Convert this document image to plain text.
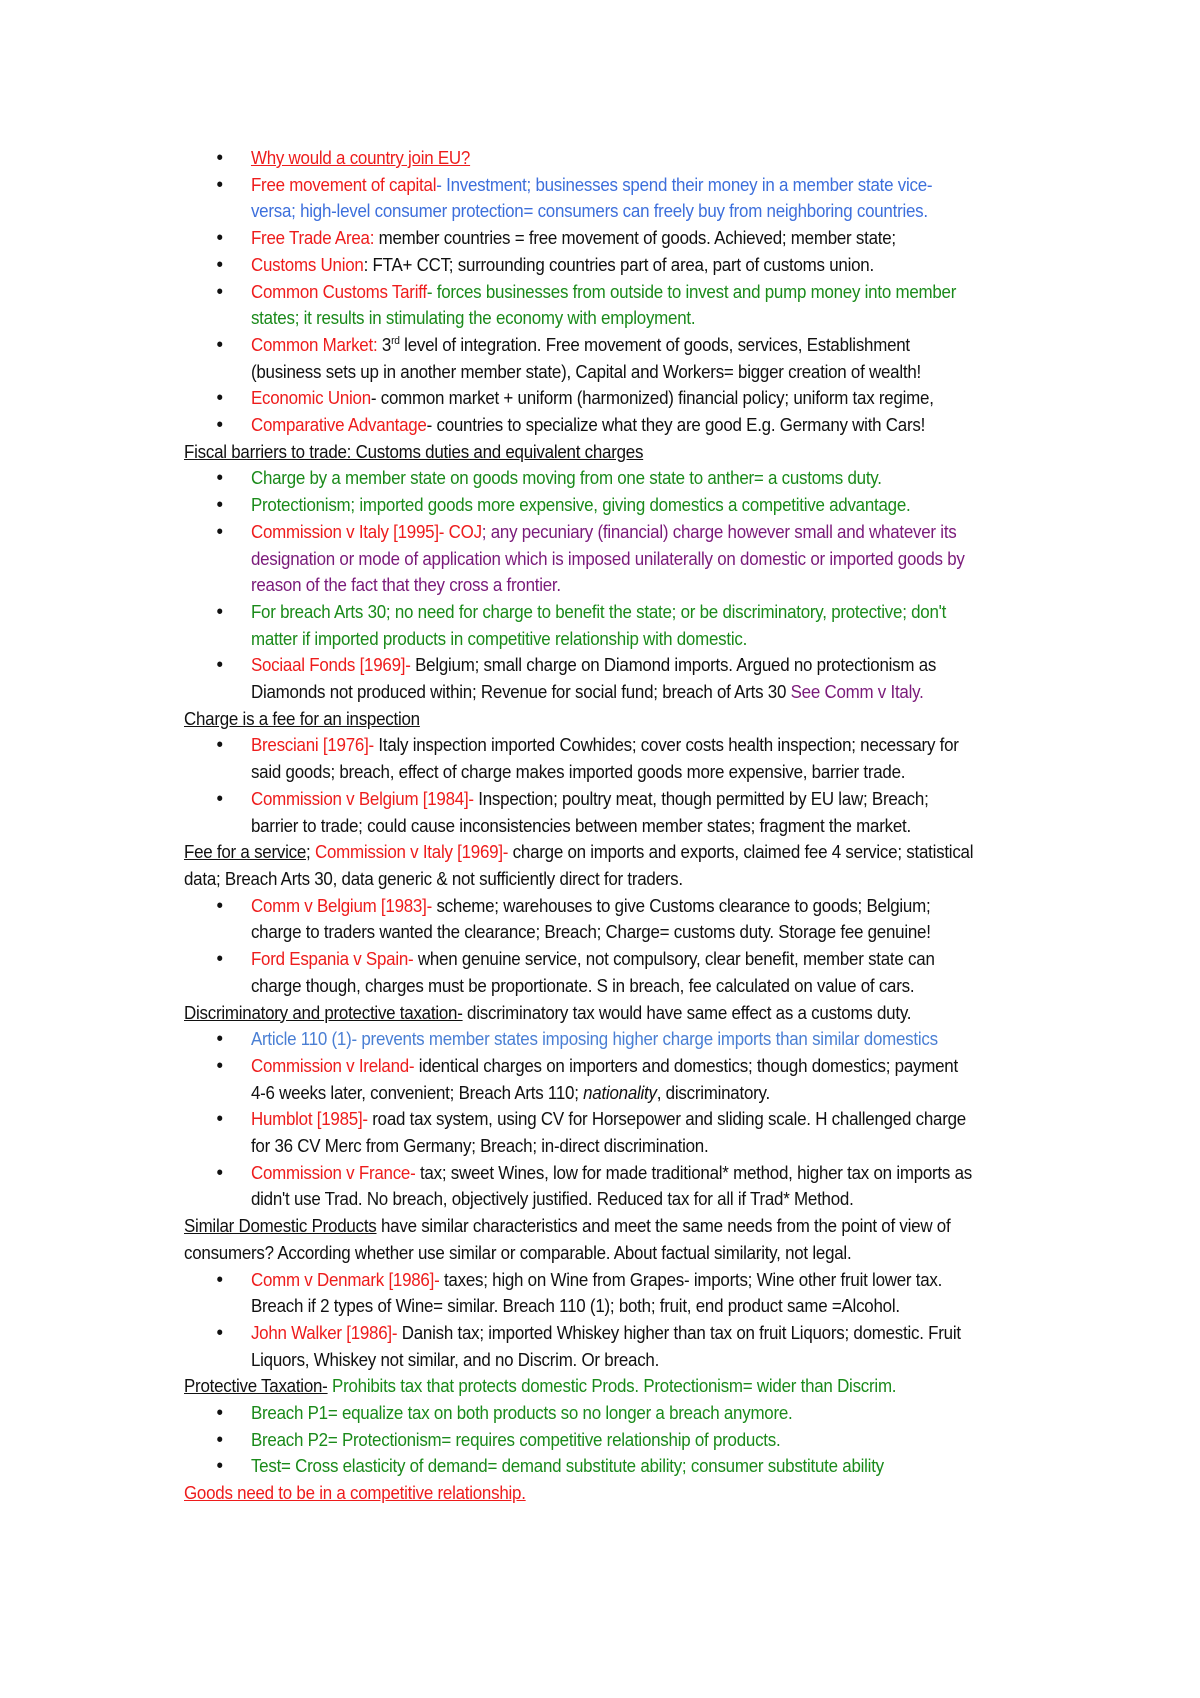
• Why would a country join EU?
• Free movement of capital- Investment; businesses spend their money in a member state vice-versa; high-level consumer protection= consumers can freely buy from neighboring countries.
• Free Trade Area: member countries = free movement of goods. Achieved; member state;
• Customs Union: FTA+ CCT; surrounding countries part of area, part of customs union.
• Common Customs Tariff- forces businesses from outside to invest and pump money into member states; it results in stimulating the economy with employment.
• Common Market: 3rd level of integration. Free movement of goods, services, Establishment (business sets up in another member state), Capital and Workers= bigger creation of wealth!
• Economic Union- common market + uniform (harmonized) financial policy; uniform tax regime,
• Comparative Advantage- countries to specialize what they are good E.g. Germany with Cars!
Fiscal barriers to trade: Customs duties and equivalent charges
• Charge by a member state on goods moving from one state to anther= a customs duty.
• Protectionism; imported goods more expensive, giving domestics a competitive advantage.
• Commission v Italy [1995]- COJ; any pecuniary (financial) charge however small and whatever its designation or mode of application which is imposed unilaterally on domestic or imported goods by reason of the fact that they cross a frontier.
• For breach Arts 30; no need for charge to benefit the state; or be discriminatory, protective; don't matter if imported products in competitive relationship with domestic.
• Sociaal Fonds [1969]- Belgium; small charge on Diamond imports. Argued no protectionism as Diamonds not produced within; Revenue for social fund; breach of Arts 30 See Comm v Italy.
Charge is a fee for an inspection
• Bresciani [1976]- Italy inspection imported Cowhides; cover costs health inspection; necessary for said goods; breach, effect of charge makes imported goods more expensive, barrier trade.
• Commission v Belgium [1984]- Inspection; poultry meat, though permitted by EU law; Breach; barrier to trade; could cause inconsistencies between member states; fragment the market.
Fee for a service; Commission v Italy [1969]- charge on imports and exports, claimed fee 4 service; statistical data; Breach Arts 30, data generic & not sufficiently direct for traders.
• Comm v Belgium [1983]- scheme; warehouses to give Customs clearance to goods; Belgium; charge to traders wanted the clearance; Breach; Charge= customs duty. Storage fee genuine!
• Ford Espania v Spain- when genuine service, not compulsory, clear benefit, member state can charge though, charges must be proportionate. S in breach, fee calculated on value of cars.
Discriminatory and protective taxation- discriminatory tax would have same effect as a customs duty.
• Article 110 (1)- prevents member states imposing higher charge imports than similar domestics
• Commission v Ireland- identical charges on importers and domestics; though domestics; payment 4-6 weeks later, convenient; Breach Arts 110; nationality, discriminatory.
• Humblot [1985]- road tax system, using CV for Horsepower and sliding scale. H challenged charge for 36 CV Merc from Germany; Breach; in-direct discrimination.
• Commission v France- tax; sweet Wines, low for made traditional* method, higher tax on imports as didn't use Trad. No breach, objectively justified. Reduced tax for all if Trad* Method.
Similar Domestic Products have similar characteristics and meet the same needs from the point of view of consumers? According whether use similar or comparable. About factual similarity, not legal.
• Comm v Denmark [1986]- taxes; high on Wine from Grapes- imports; Wine other fruit lower tax. Breach if 2 types of Wine= similar. Breach 110 (1); both; fruit, end product same =Alcohol.
• John Walker [1986]- Danish tax; imported Whiskey higher than tax on fruit Liquors; domestic. Fruit Liquors, Whiskey not similar, and no Discrim. Or breach.
Protective Taxation- Prohibits tax that protects domestic Prods. Protectionism= wider than Discrim.
• Breach P1= equalize tax on both products so no longer a breach anymore.
• Breach P2= Protectionism= requires competitive relationship of products.
• Test= Cross elasticity of demand= demand substitute ability; consumer substitute ability
Goods need to be in a competitive relationship.
